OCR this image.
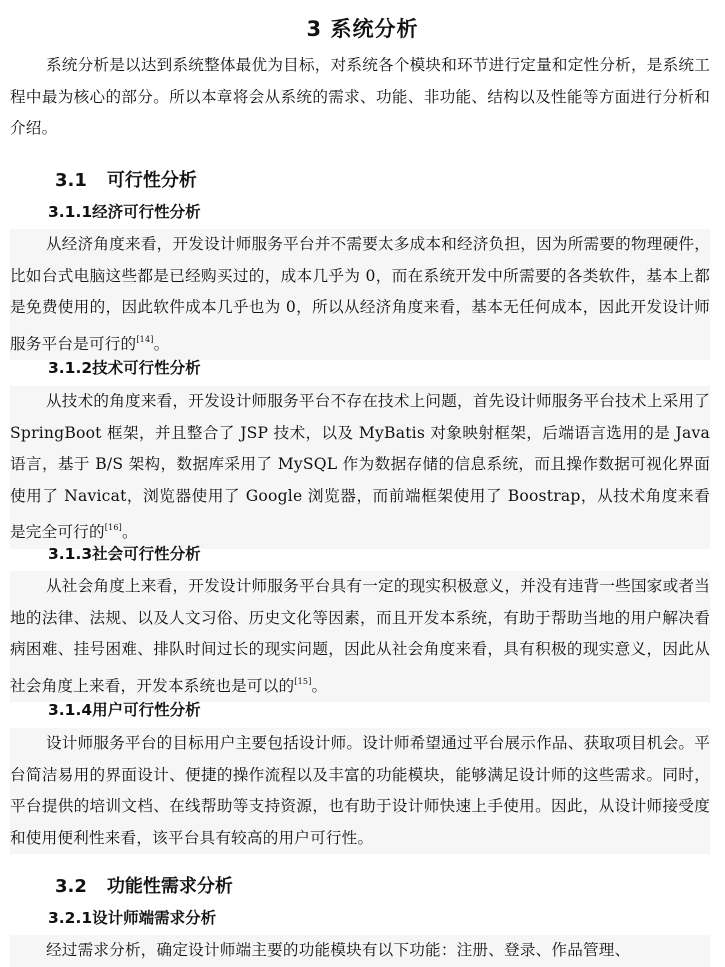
3 系统分析

系统分析是以达到系统整体最优为目标，对系统各个模块和环节进行定量和定性分析，是系统工程中最为核心的部分。所以本章将会从系统的需求、功能、非功能、结构以及性能等方面进行分析和介绍。

3.1 可行性分析
3.1.1经济可行性分析

从经济角度来看，开发设计师服务平台并不需要太多成本和经济负担，因为所需要的物理硬件，比如台式电脑这些都是已经购买过的，成本几乎为 0，而在系统开发中所需要的各类软件，基本上都是免费使用的，因此软件成本几乎也为 0，所以从经济角度来看，基本无任何成本，因此开发设计师服务平台是可行的[14]。

3.1.2技术可行性分析

从技术的角度来看，开发设计师服务平台不存在技术上问题，首先设计师服务平台技术上采用了 SpringBoot 框架，并且整合了 JSP 技术，以及 MyBatis 对象映射框架，后端语言选用的是 Java 语言，基于 B/S 架构，数据库采用了 MySQL 作为数据存储的信息系统，而且操作数据可视化界面使用了 Navicat，浏览器使用了 Google 浏览器，而前端框架使用了 Boostrap，从技术角度来看是完全可行的[16]。

3.1.3社会可行性分析

从社会角度上来看，开发设计师服务平台具有一定的现实积极意义，并没有违背一些国家或者当地的法律、法规、以及人文习俗、历史文化等因素，而且开发本系统，有助于帮助当地的用户解决看病困难、挂号困难、排队时间过长的现实问题，因此从社会角度来看，具有积极的现实意义，因此从社会角度上来看，开发本系统也是可以的[15]。

3.1.4用户可行性分析

设计师服务平台的目标用户主要包括设计师。设计师希望通过平台展示作品、获取项目机会。平台简洁易用的界面设计、便捷的操作流程以及丰富的功能模块，能够满足设计师的这些需求。同时，平台提供的培训文档、在线帮助等支持资源，也有助于设计师快速上手使用。因此，从设计师接受度和使用便利性来看，该平台具有较高的用户可行性。

3.2 功能性需求分析
3.2.1设计师端需求分析

经过需求分析，确定设计师端主要的功能模块有以下功能：注册、登录、作品管理、
